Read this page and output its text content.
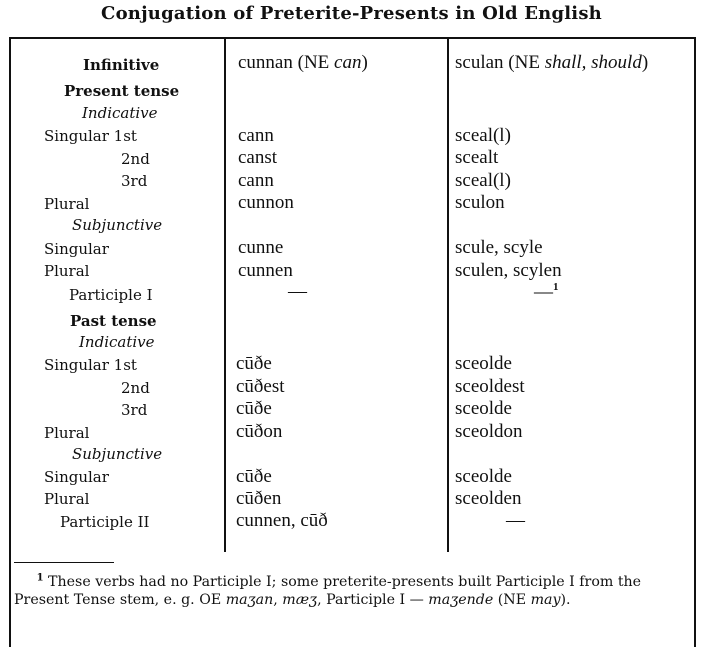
Conjugation of Preterite-Presents in Old English
Infinitive	cunnan (NE can)	sculan (NE shall, should)
Present tense
Indicative
Singular 1st
2nd
3rd
Plural
Subjunctive
Singular
Plural
Participle I
Past tense
Indicative
Singular 1st
2nd
3rd
Plural
Subjunctive
Singular
Plural
Participle II
cann
canst
cann
cunnon
cunne
cunnen
—
cūðe
cūðest
cūðe
cūðon
cūðe
cūðen
cunnen, cūð
sceal(l)
scealt
sceal(l)
sculon
scule, scyle
sculen, scylen
—$^1$
sceolde
sceoldest
sceolde
sceoldon
sceolde
sceolden
—
$^1$ These verbs had no Participle I; some preterite-presents built Participle I from the Present Tense stem, e. g. OE maʒan, mæʒ, Participle I — maʒende (NE may).
